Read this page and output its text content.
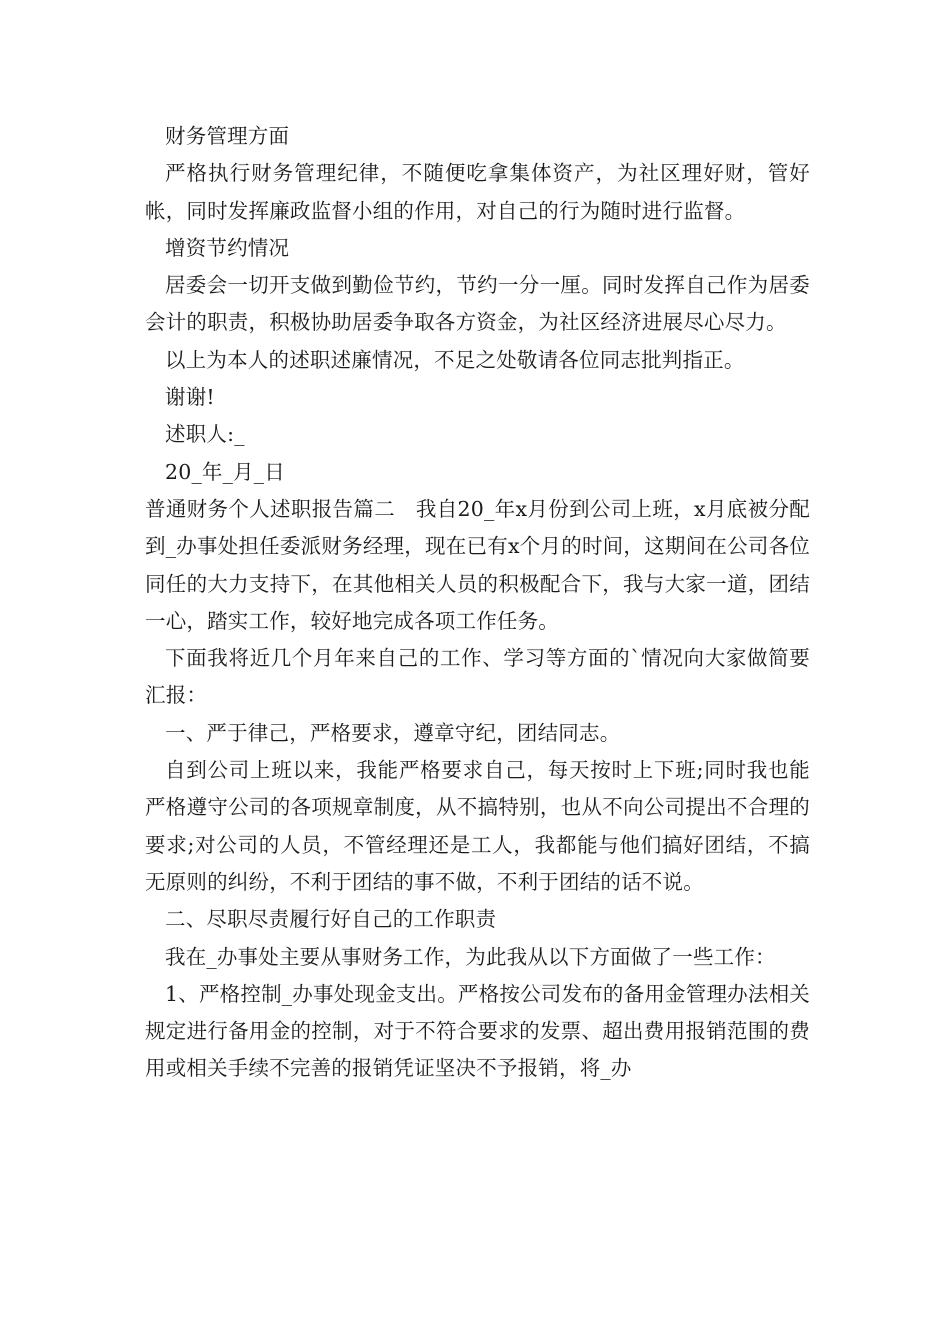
财务管理方面

严格执行财务管理纪律，不随便吃拿集体资产，为社区理好财，管好帐，同时发挥廉政监督小组的作用，对自己的行为随时进行监督。

增资节约情况

居委会一切开支做到勤俭节约，节约一分一厘。同时发挥自己作为居委会计的职责，积极协助居委争取各方资金，为社区经济进展尽心尽力。

以上为本人的述职述廉情况，不足之处敬请各位同志批判指正。

谢谢!

述职人:_

20_年_月_日

普通财务个人述职报告篇二　我自20_年x月份到公司上班，x月底被分配到_办事处担任委派财务经理，现在已有x个月的时间，这期间在公司各位同任的大力支持下，在其他相关人员的积极配合下，我与大家一道，团结一心，踏实工作，较好地完成各项工作任务。

下面我将近几个月年来自己的工作、学习等方面的`情况向大家做简要汇报：

一、严于律己，严格要求，遵章守纪，团结同志。

自到公司上班以来，我能严格要求自己，每天按时上下班;同时我也能严格遵守公司的各项规章制度，从不搞特别，也从不向公司提出不合理的要求;对公司的人员，不管经理还是工人，我都能与他们搞好团结，不搞无原则的纠纷，不利于团结的事不做，不利于团结的话不说。

二、尽职尽责履行好自己的工作职责

我在_办事处主要从事财务工作，为此我从以下方面做了一些工作：

1、严格控制_办事处现金支出。严格按公司发布的备用金管理办法相关规定进行备用金的控制，对于不符合要求的发票、超出费用报销范围的费用或相关手续不完善的报销凭证坚决不予报销，将_办
